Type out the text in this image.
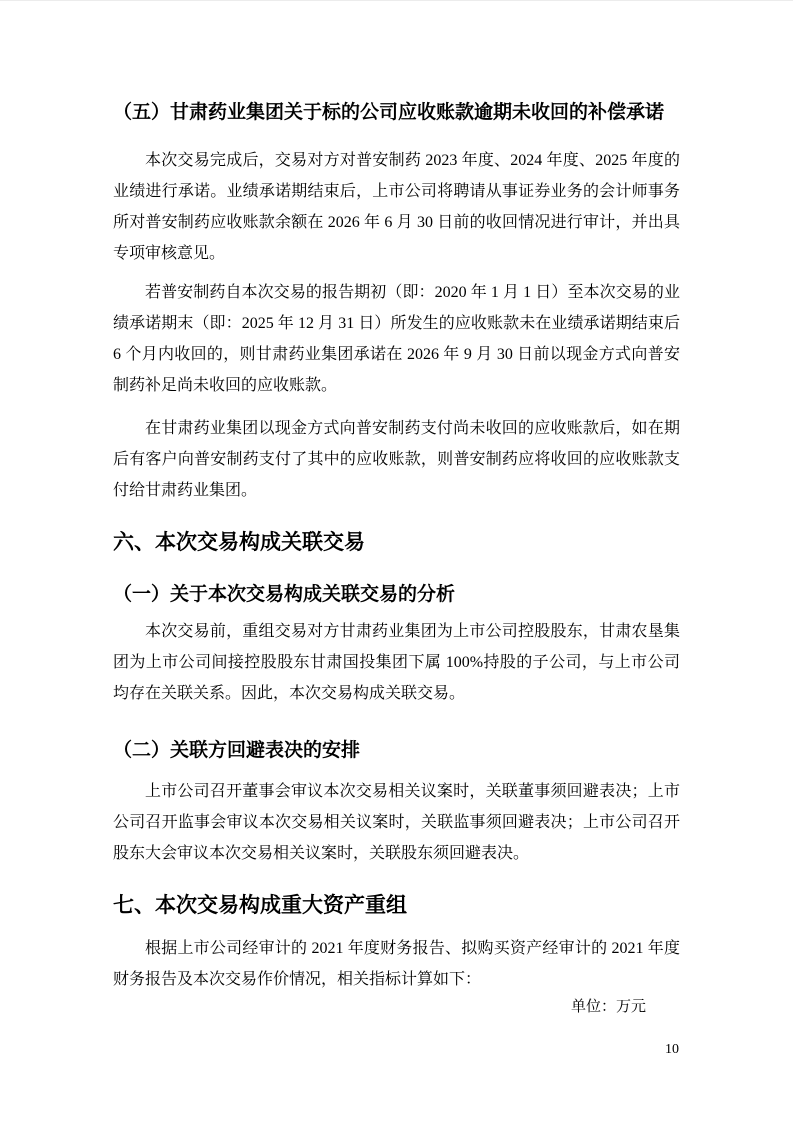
（五）甘肃药业集团关于标的公司应收账款逾期未收回的补偿承诺

本次交易完成后，交易对方对普安制药 2023 年度、2024 年度、2025 年度的业绩进行承诺。业绩承诺期结束后，上市公司将聘请从事证券业务的会计师事务所对普安制药应收账款余额在 2026 年 6 月 30 日前的收回情况进行审计，并出具专项审核意见。

若普安制药自本次交易的报告期初（即：2020 年 1 月 1 日）至本次交易的业绩承诺期末（即：2025 年 12 月 31 日）所发生的应收账款未在业绩承诺期结束后 6 个月内收回的，则甘肃药业集团承诺在 2026 年 9 月 30 日前以现金方式向普安制药补足尚未收回的应收账款。

在甘肃药业集团以现金方式向普安制药支付尚未收回的应收账款后，如在期后有客户向普安制药支付了其中的应收账款，则普安制药应将收回的应收账款支付给甘肃药业集团。

六、本次交易构成关联交易
（一）关于本次交易构成关联交易的分析

本次交易前，重组交易对方甘肃药业集团为上市公司控股股东，甘肃农垦集团为上市公司间接控股股东甘肃国投集团下属 100%持股的子公司，与上市公司均存在关联关系。因此，本次交易构成关联交易。

（二）关联方回避表决的安排

上市公司召开董事会审议本次交易相关议案时，关联董事须回避表决；上市公司召开监事会审议本次交易相关议案时，关联监事须回避表决；上市公司召开股东大会审议本次交易相关议案时，关联股东须回避表决。

七、本次交易构成重大资产重组

根据上市公司经审计的 2021 年度财务报告、拟购买资产经审计的 2021 年度财务报告及本次交易作价情况，相关指标计算如下：

单位：万元
10
